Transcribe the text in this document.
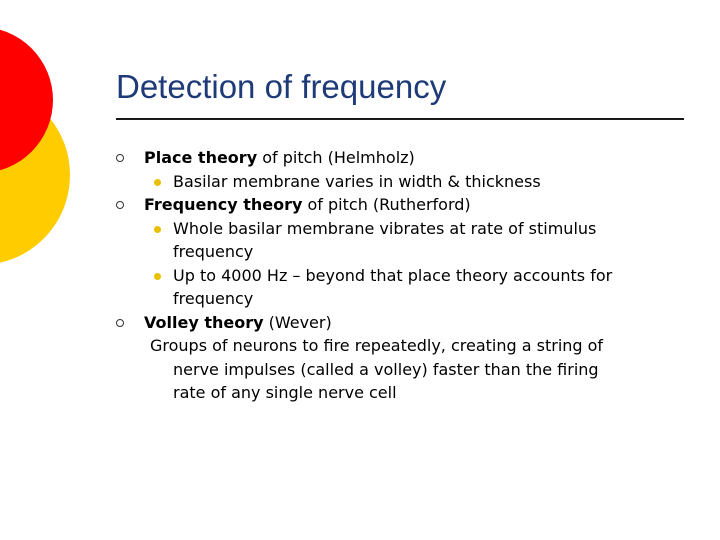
Detection of frequency
Place theory of pitch (Helmholz)
Basilar membrane varies in width & thickness
Frequency theory of pitch (Rutherford)
Whole basilar membrane vibrates at rate of stimulus
frequency
Up to 4000 Hz – beyond that place theory accounts for
frequency
Volley theory (Wever)
Groups of neurons to fire repeatedly, creating a string of
nerve impulses (called a volley) faster than the firing
rate of any single nerve cell
